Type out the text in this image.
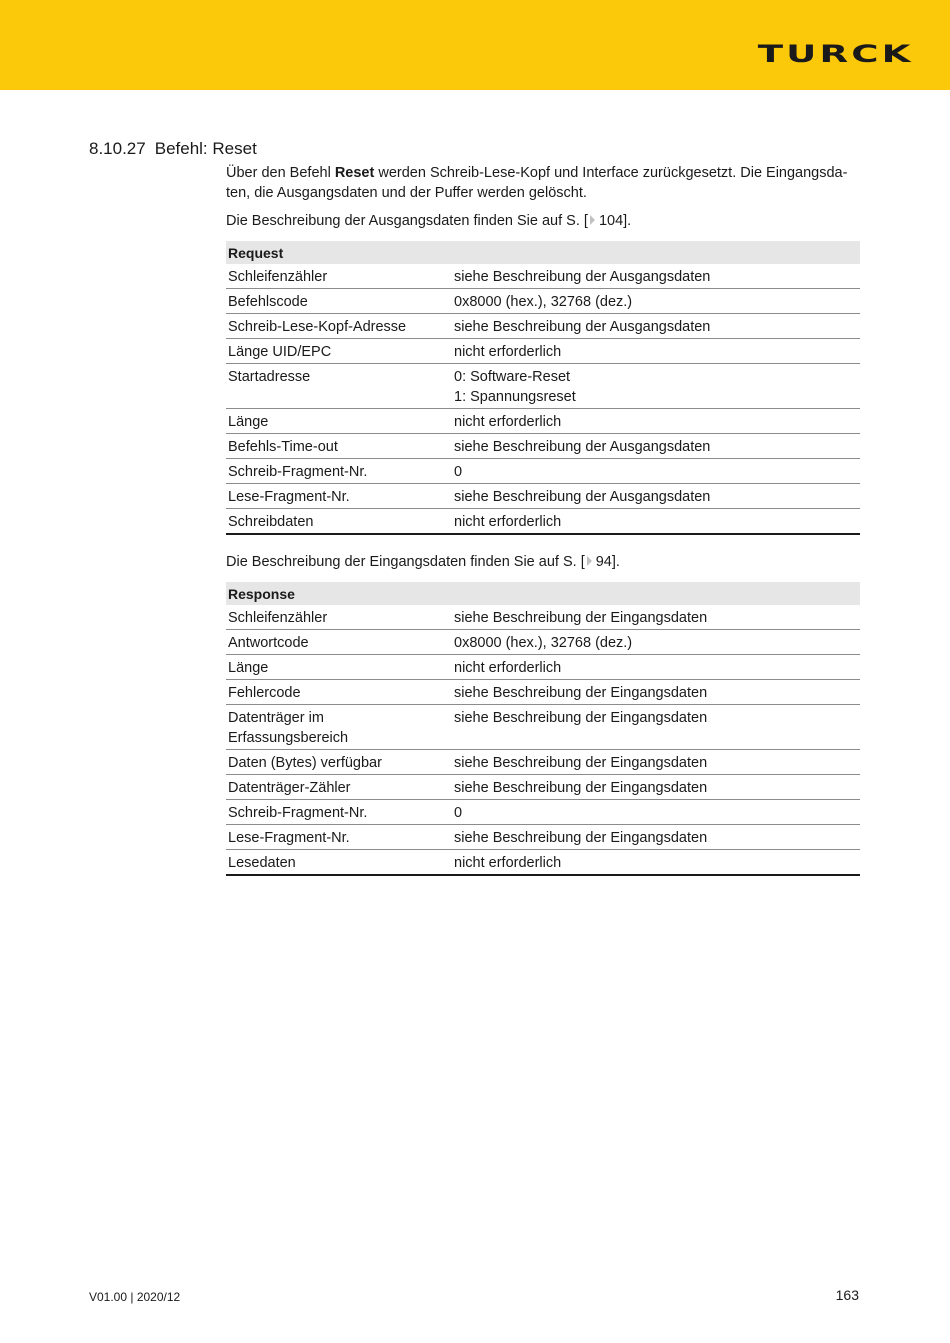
TURCK
8.10.27 Befehl: Reset

Über den Befehl Reset werden Schreib-Lese-Kopf und Interface zurückgesetzt. Die Eingangsda-ten, die Ausgangsdaten und der Puffer werden gelöscht.

Die Beschreibung der Ausgangsdaten finden Sie auf S. [ 104].

Request	
Schleifenzähler	siehe Beschreibung der Ausgangsdaten
Befehlscode	0x8000 (hex.), 32768 (dez.)
Schreib-Lese-Kopf-Adresse	siehe Beschreibung der Ausgangsdaten
Länge UID/EPC	nicht erforderlich
Startadresse	0: Software-Reset
1: Spannungsreset
Länge	nicht erforderlich
Befehls-Time-out	siehe Beschreibung der Ausgangsdaten
Schreib-Fragment-Nr.	0
Lese-Fragment-Nr.	siehe Beschreibung der Ausgangsdaten
Schreibdaten	nicht erforderlich

Die Beschreibung der Eingangsdaten finden Sie auf S. [ 94].

Response	
Schleifenzähler	siehe Beschreibung der Eingangsdaten
Antwortcode	0x8000 (hex.), 32768 (dez.)
Länge	nicht erforderlich
Fehlercode	siehe Beschreibung der Eingangsdaten
Datenträger im
Erfassungsbereich	siehe Beschreibung der Eingangsdaten
Daten (Bytes) verfügbar	siehe Beschreibung der Eingangsdaten
Datenträger-Zähler	siehe Beschreibung der Eingangsdaten
Schreib-Fragment-Nr.	0
Lese-Fragment-Nr.	siehe Beschreibung der Eingangsdaten
Lesedaten	nicht erforderlich
V01.00 | 2020/12	163
